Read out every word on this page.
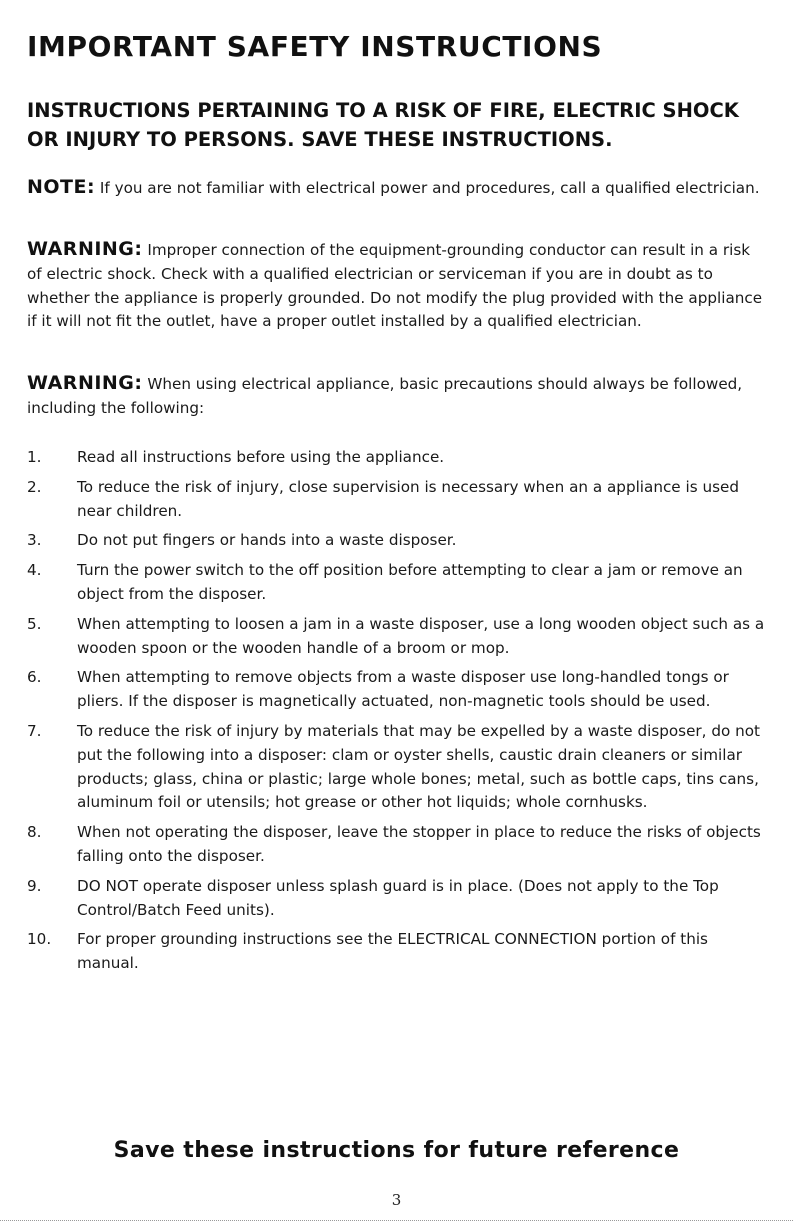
IMPORTANT SAFETY INSTRUCTIONS
INSTRUCTIONS PERTAINING TO A RISK OF FIRE, ELECTRIC SHOCK
OR INJURY TO PERSONS. SAVE THESE INSTRUCTIONS.

NOTE: If you are not familiar with electrical power and procedures, call a qualified electrician.

WARNING: Improper connection of the equipment-grounding conductor can result in a risk of electric shock. Check with a qualified electrician or serviceman if you are in doubt as to whether the appliance is properly grounded. Do not modify the plug provided with the appliance if it will not fit the outlet, have a proper outlet installed by a qualified electrician.

WARNING: When using electrical appliance, basic precautions should always be followed, including the following:

1.	Read all instructions before using the appliance.
2.	To reduce the risk of injury, close supervision is necessary when an a appliance is used near children.
3.	Do not put fingers or hands into a waste disposer.
4.	Turn the power switch to the off position before attempting to clear a jam or remove an object from the disposer.
5.	When attempting to loosen a jam in a waste disposer, use a long wooden object such as a wooden spoon or the wooden handle of a broom or mop.
6.	When attempting to remove objects from a waste disposer use long-handled tongs or pliers. If the disposer is magnetically actuated, non-magnetic tools should be used.
7.	To reduce the risk of injury by materials that may be expelled by a waste disposer, do not put the following into a disposer: clam or oyster shells, caustic drain cleaners or similar products; glass, china or plastic; large whole bones; metal, such as bottle caps, tins cans, aluminum foil or utensils; hot grease or other hot liquids; whole cornhusks.
8.	When not operating the disposer, leave the stopper in place to reduce the risks of objects falling onto the disposer.
9.	DO NOT operate disposer unless splash guard is in place. (Does not apply to the Top Control/Batch Feed units).
10.	For proper grounding instructions see the ELECTRICAL CONNECTION portion of this manual.

Save these instructions for future reference

3
